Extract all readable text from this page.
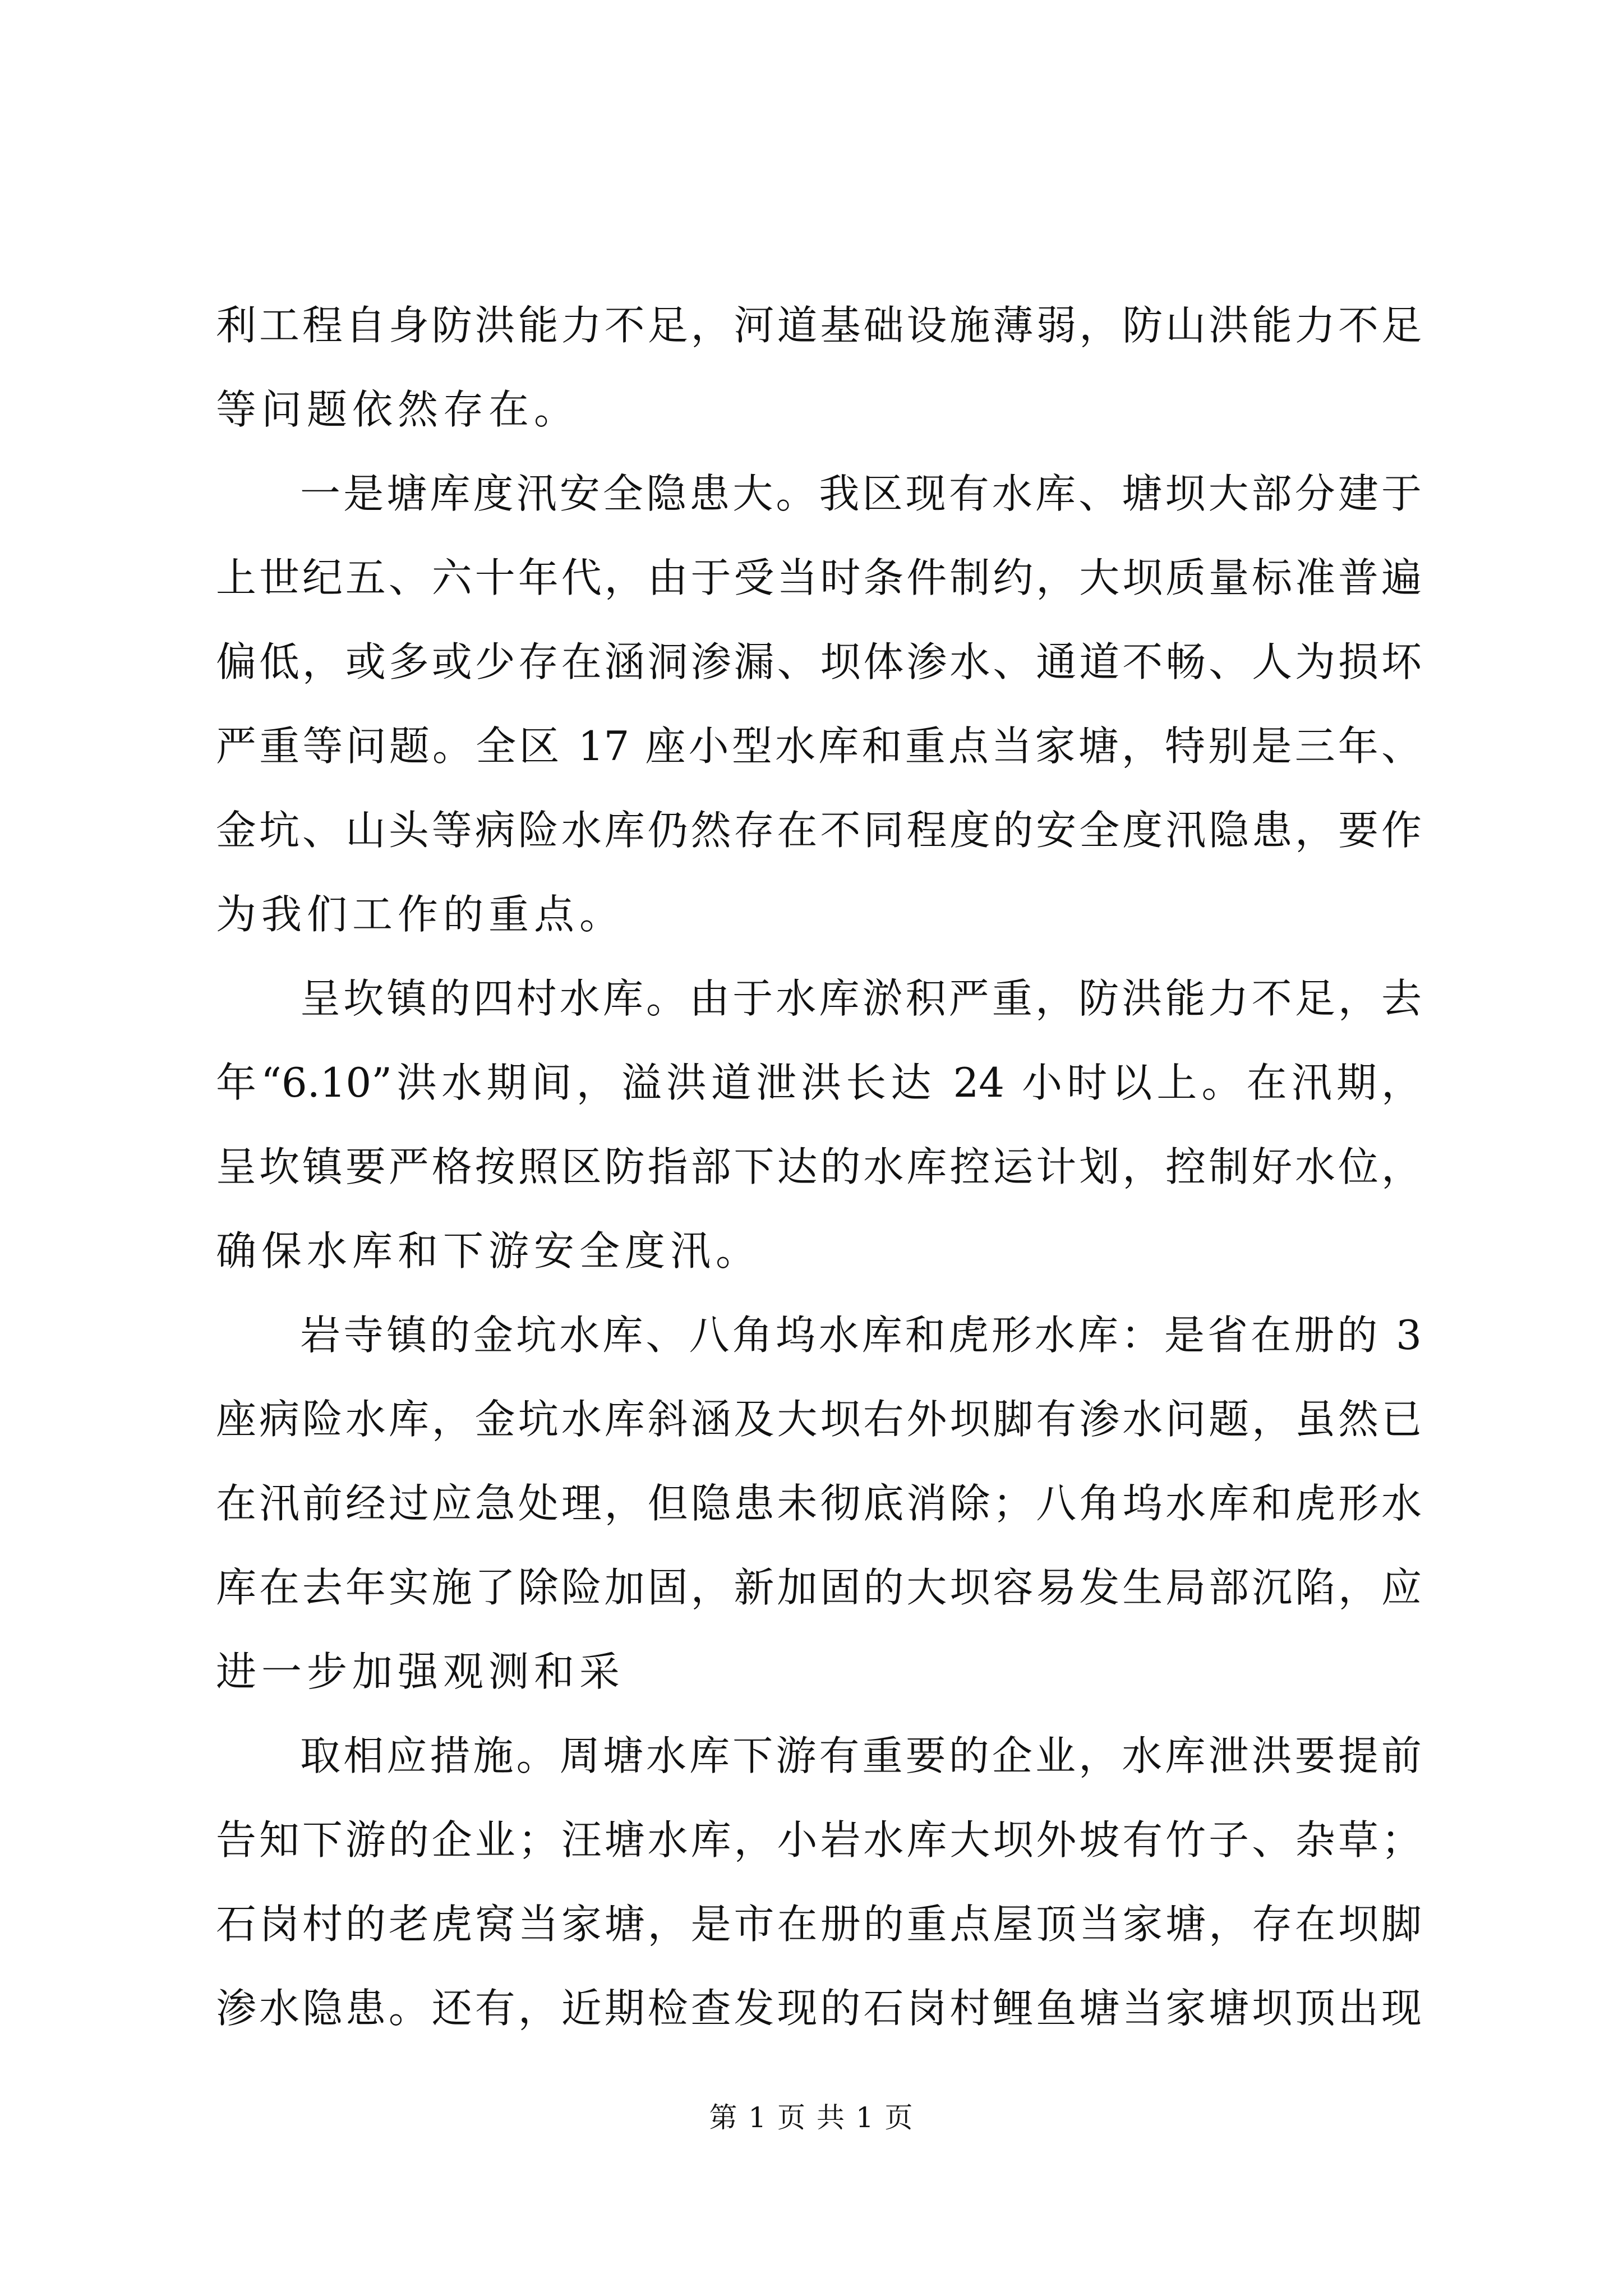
利工程自身防洪能力不足，河道基础设施薄弱，防山洪能力不足
等问题依然存在。
一是塘库度汛安全隐患大。我区现有水库、塘坝大部分建于
上世纪五、六十年代，由于受当时条件制约，大坝质量标准普遍
偏低，或多或少存在涵洞渗漏、坝体渗水、通道不畅、人为损坏
严重等问题。全区 17 座小型水库和重点当家塘，特别是三年、
金坑、山头等病险水库仍然存在不同程度的安全度汛隐患，要作
为我们工作的重点。
呈坎镇的四村水库。由于水库淤积严重，防洪能力不足，去
年“6.10”洪水期间，溢洪道泄洪长达 24 小时以上。在汛期，
呈坎镇要严格按照区防指部下达的水库控运计划，控制好水位，
确保水库和下游安全度汛。
岩寺镇的金坑水库、八角坞水库和虎形水库：是省在册的 3
座病险水库，金坑水库斜涵及大坝右外坝脚有渗水问题，虽然已
在汛前经过应急处理，但隐患未彻底消除；八角坞水库和虎形水
库在去年实施了除险加固，新加固的大坝容易发生局部沉陷，应
进一步加强观测和采
取相应措施。周塘水库下游有重要的企业，水库泄洪要提前
告知下游的企业；汪塘水库，小岩水库大坝外坡有竹子、杂草；
石岗村的老虎窝当家塘，是市在册的重点屋顶当家塘，存在坝脚
渗水隐患。还有，近期检查发现的石岗村鲤鱼塘当家塘坝顶出现
第 1 页 共 1 页
